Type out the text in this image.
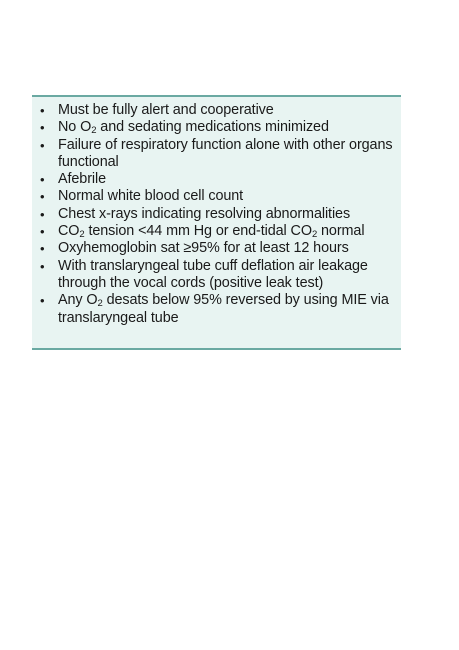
• Must be fully alert and cooperative
• No $O_2$ and sedating medications minimized
• Failure of respiratory function alone with other organs functional
• Afebrile
• Normal white blood cell count
• Chest x-rays indicating resolving abnormalities
• $CO_2$ tension <44 mm Hg or end-tidal $CO_2$ normal
• Oxyhemoglobin sat ≥95% for at least 12 hours
• With translaryngeal tube cuff deflation air leakage through the vocal cords (positive leak test)
• Any $O_2$ desats below 95% reversed by using MIE via translaryngeal tube
